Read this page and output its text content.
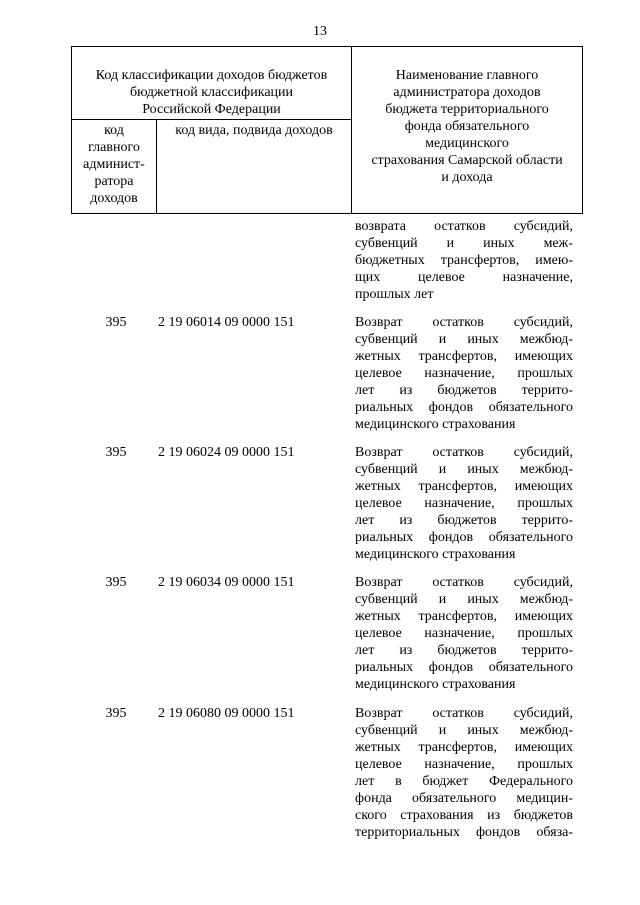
13
Код классификации доходов бюджетов
бюджетной классификации
Российской Федерации
код
главного
админист-
ратора
доходов
код вида, подвида доходов
Наименование главного
администратора доходов
бюджета территориального
фонда обязательного
медицинского
страхования Самарской области
и дохода
возврата остатков субсидий,
субвенций и иных меж-
бюджетных трансфертов, имею-
щих целевое назначение,
прошлых лет
395	2 19 06014 09 0000 151	Возврат остатков субсидий,
субвенций и иных межбюд-
жетных трансфертов, имеющих
целевое назначение, прошлых
лет из бюджетов террито-
риальных фондов обязательного
медицинского страхования
395	2 19 06024 09 0000 151	Возврат остатков субсидий,
субвенций и иных межбюд-
жетных трансфертов, имеющих
целевое назначение, прошлых
лет из бюджетов террито-
риальных фондов обязательного
медицинского страхования
395	2 19 06034 09 0000 151	Возврат остатков субсидий,
субвенций и иных межбюд-
жетных трансфертов, имеющих
целевое назначение, прошлых
лет из бюджетов террито-
риальных фондов обязательного
медицинского страхования
395	2 19 06080 09 0000 151	Возврат остатков субсидий,
субвенций и иных межбюд-
жетных трансфертов, имеющих
целевое назначение, прошлых
лет в бюджет Федерального
фонда обязательного медицин-
ского страхования из бюджетов
территориальных фондов обяза-
